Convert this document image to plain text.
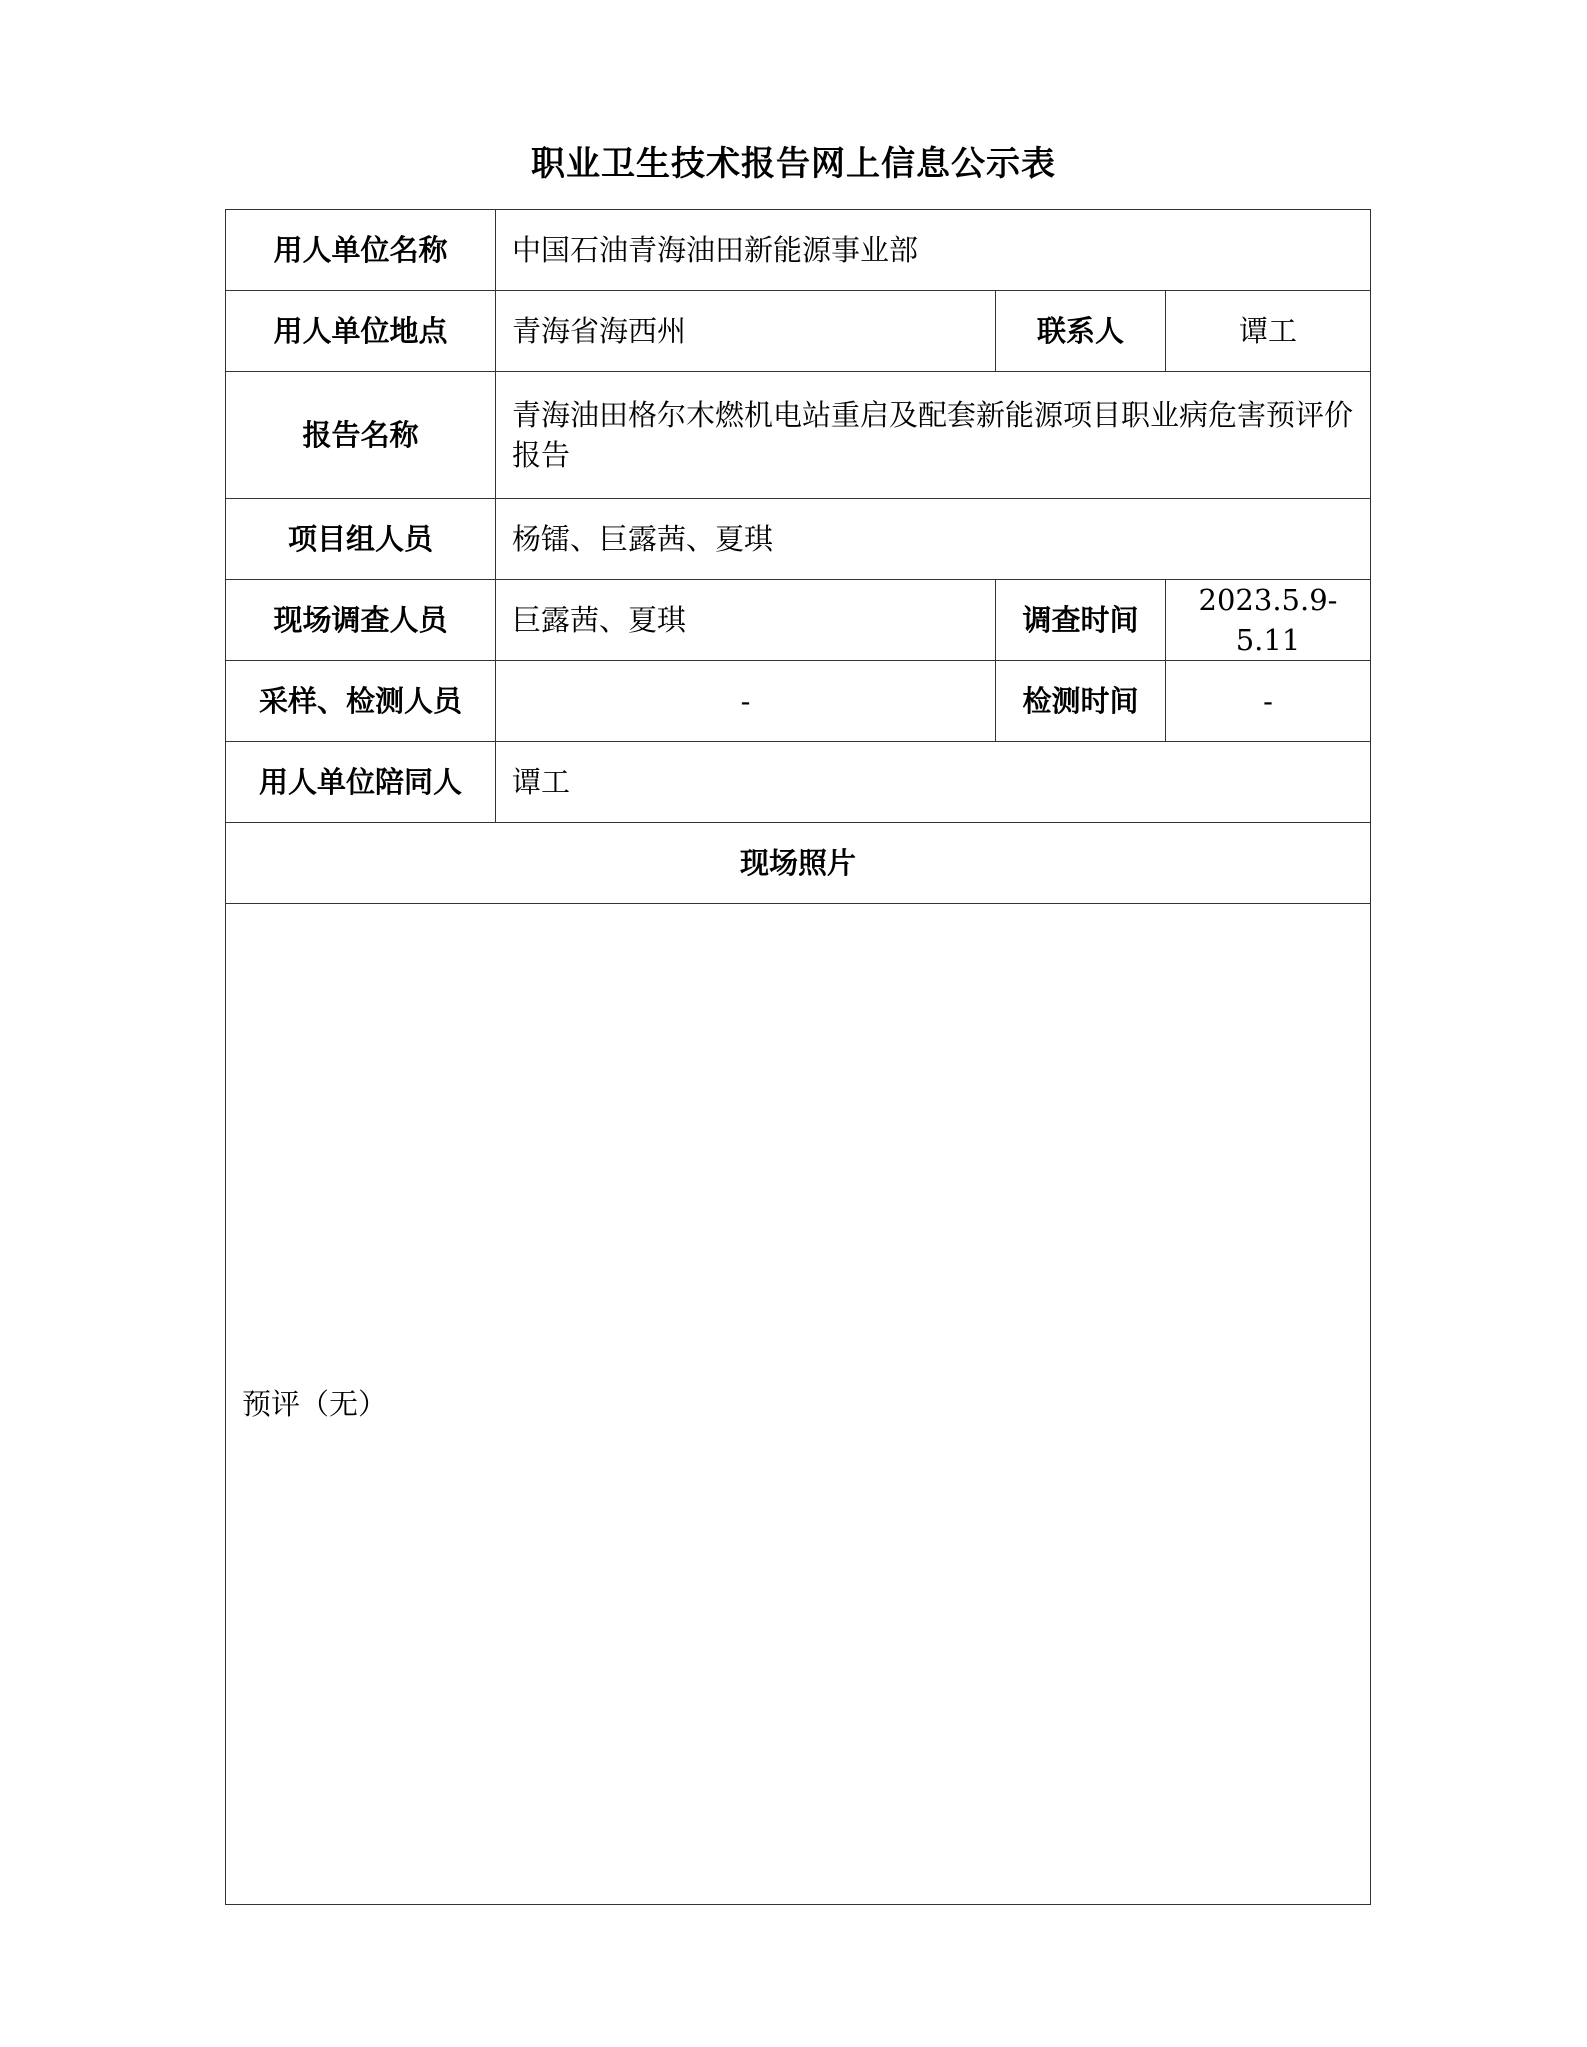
职业卫生技术报告网上信息公示表
用人单位名称	中国石油青海油田新能源事业部		
用人单位地点	青海省海西州	联系人	谭工
报告名称	青海油田格尔木燃机电站重启及配套新能源项目职业病危害预评价报告		
项目组人员	杨镭、巨露茜、夏琪		
现场调查人员	巨露茜、夏琪	调查时间	2023.5.9-5.11
采样、检测人员	-	检测时间	-
用人单位陪同人	谭工		
现场照片			
预评（无）			
